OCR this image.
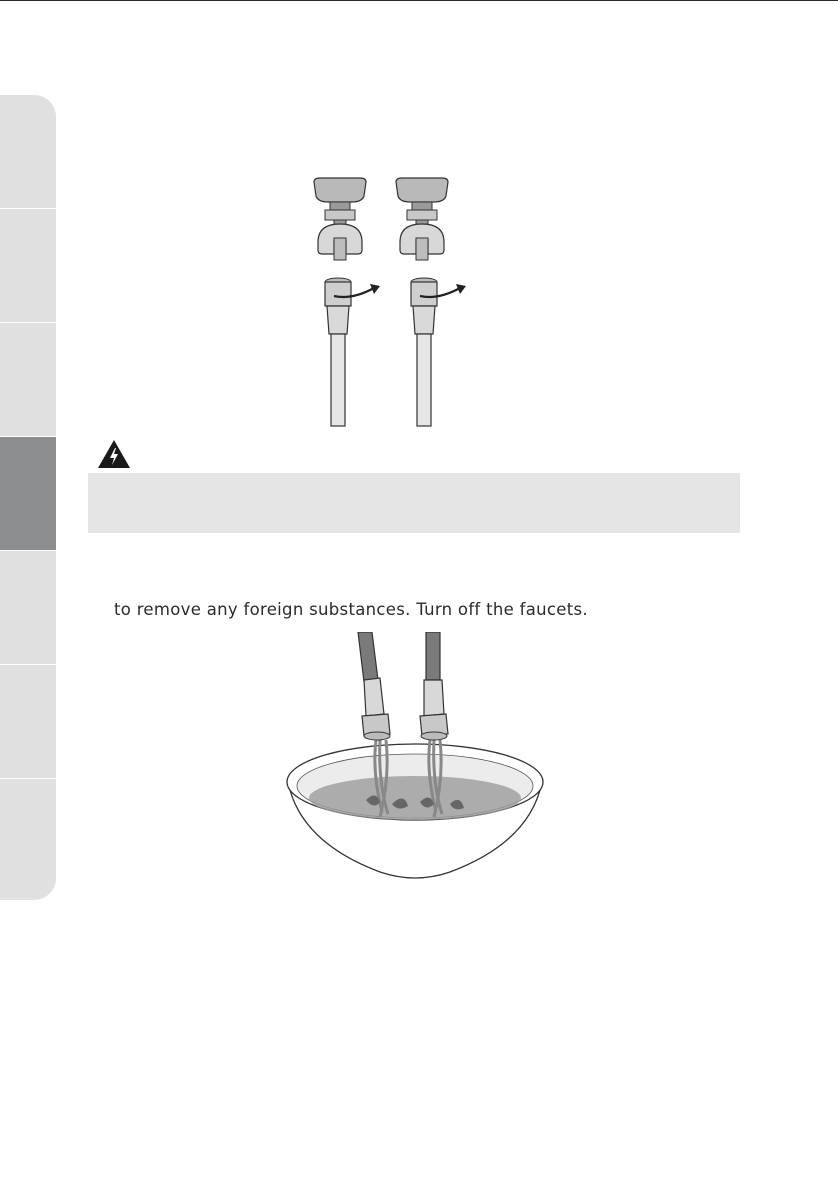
to remove any foreign substances. Turn off the faucets.
